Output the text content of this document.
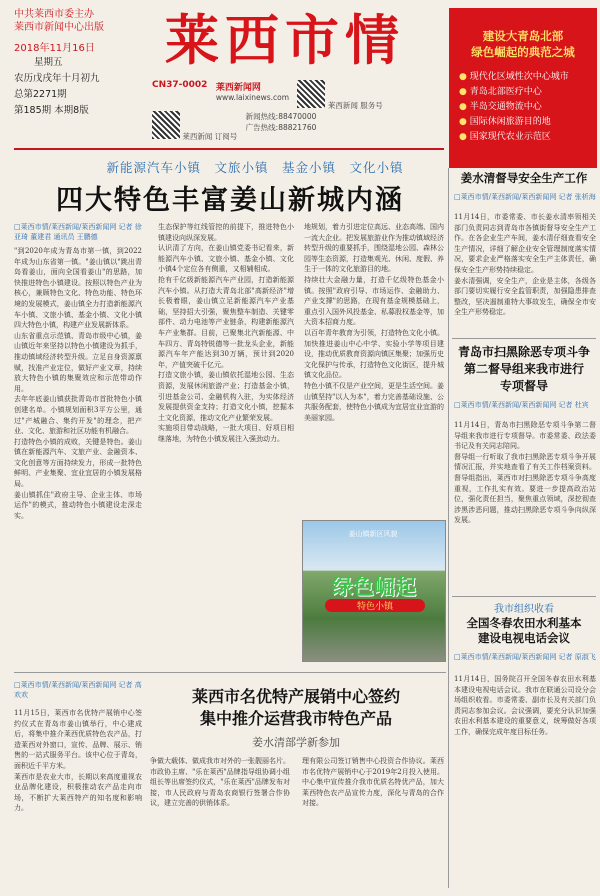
中共莱西市委主办
莱西市新闻中心出版
2018年11月16日
星期五
农历戊戌年十月初九
总第2271期
第185期 本期8版
莱西市情
CN37-0002
莱西新闻网
www.laixinews.com
莱西新闻 服务号  莱西新闻 订阅号
新闻热线:88470000
广告热线:88821760
建设大青岛北部
绿色崛起的典范之城
● 现代化区域性次中心城市
● 青岛北部医疗中心
● 半岛交通物流中心
● 国际休闲旅游目的地
● 国家现代农业示范区
新能源汽车小镇　文旅小镇　基金小镇　文化小镇
四大特色丰富姜山新城内涵
□莱西市情/莱西新闻/莱西新闻网 记者 徐亚琦 董建君 通讯员 王鹏德
"到2020年成为青岛市第一镇，到2022年成为山东省第一镇。"姜山镇以"跳出青岛看姜山，面向全国看姜山"的思路，加快推进特色小镇建设。按照以特色产业为核心，兼顾特色文化、特色功能、特色环境的发展模式，姜山镇全力打造新能源汽车小镇、文旅小镇、基金小镇、文化小镇四大特色小镇，构建产业发展新体系。
山东省重点示范镇、青岛市级中心镇，姜山镇近年来坚持以特色小镇建设为抓手，推动镇域经济转型升级。立足自身资源禀赋，找准产业定位，做好产业文章，持续放大特色小镇的集聚效应和示范带动作用。
去年年底姜山镇获批青岛市首批特色小镇创建名单。小镇规划面积3平方公里，通过"产城融合、集约开发"的理念，把产业、文化、旅游和社区功能有机融合。
打造特色小镇的成败，关键是特色。姜山镇在新能源汽车、文旅产业、金融资本、文化创意等方面持续发力，形成一批特色鲜明、产业集聚、宜业宜居的小镇发展格局。
姜山镇抓住"政府主导、企业主体、市场运作"的模式，推动特色小镇建设走深走实。
生态保护等红线管控的前提下，推进特色小镇建设向纵深发展。
认识清了方向，在姜山镇党委书记看来，新能源汽车小镇、文旅小镇、基金小镇、文化小镇4个定位各有侧重，又相辅相成。
抢有千亿级新能源汽车产业园，打造新能源汽车小镇。从打造大青岛北部"高新经济"增长极着眼，姜山镇立足新能源汽车产业基础，坚持招大引强，聚焦整车制造、关键零部件、动力电池等产业链条，构建新能源汽车产业集群。目前，已聚集北汽新能源、中车四方、青岛特锐德等一批龙头企业，新能源汽车年产能达到30万辆，预计到2020年，产值突破千亿元。
打造文旅小镇，姜山镇依托湿地公园、生态资源，发展休闲旅游产业；打造基金小镇，引进基金公司、金融机构入驻，为实体经济发展提供资金支持；打造文化小镇，挖掘本土文化资源，推动文化产业繁荣发展。
实施项目带动战略，一批大项目、好项目相继落地，为特色小镇发展注入强劲动力。
地规划，着力引进定位高远、业态高端、国内一流大企业。把发展旅游业作为推动镇域经济转型升级的重要抓手，围绕湿地公园、森林公园等生态资源，打造集观光、休闲、度假、养生于一体的文化旅游目的地。
持续壮大金融力量，打造千亿级特色基金小镇。按照"政府引导、市场运作、金融助力、产业支撑"的思路，在现有基金规模基础上，重点引入国外风投基金、私募股权基金等，加大资本招商力度。
以百年青年教育为引领，打造特色文化小镇。加快推进姜山中心中学、实验小学等项目建设，推动优质教育资源向镇区集聚；加强历史文化保护与传承，打造特色文化街区，提升城镇文化品位。
特色小镇不仅是产业空间，更是生活空间。姜山镇坚持"以人为本"，着力完善基础设施、公共服务配套，使特色小镇成为宜居宜业宜游的美丽家园。
姜山镇新区风貌
绿色崛起
特色小镇
□莱西市情/莱西新闻/莱西新闻网 记者 高欢欢
11月15日，莱西市名优特产展销中心签约仪式在青岛市姜山镇举行，中心建成后，将集中推介莱西优质特色农产品，打造莱西对外窗口，宣传、品牌、展示、销售的一站式服务平台。该中心位于青岛，面积近千平方米。
莱西市是农业大市，长期以来高度重视农业品牌化建设，积极推动农产品走向市场，不断扩大莱西特产的知名度和影响力。
莱西市名优特产展销中心签约
集中推介运营我市特色产品
姜水清部学新参加
争做大载体、做成我市对外的一张靓丽名片。
市政协主席、"乐在莱西"品牌指导组协调小组组长等出席签约仪式，"乐在莱西"品牌发布对接，市人民政府与青岛农商银行签署合作协议，建立完善的供销体系。
理有限公司签订销售中心投资合作协议。莱西市名优特产展销中心于2019年2月投入使用。中心集中宣传推介我市优质名特优产品，加大莱西特色农产品宣传力度，深化与青岛的合作对接。
姜水清督导安全生产工作
□莱西市情/莱西新闻/莱西新闻网 记者 张析海
11月14日，市委常委、市长姜水清率领相关部门负责同志到青岛市各镇街督导安全生产工作。在各企业生产车间，姜水清仔细查看安全生产情况，详细了解企业安全管理制度落实情况，要求企业严格落实安全生产主体责任，确保安全生产形势持续稳定。
姜水清强调，安全生产，企业是主体，各级各部门要切实履行安全监管职责，加强隐患排查整改，坚决遏制重特大事故发生，确保全市安全生产形势稳定。
青岛市扫黑除恶专项斗争
第二督导组来我市进行
专项督导
□莱西市情/莱西新闻/莱西新闻网 记者 杜宾
11月14日，青岛市扫黑除恶专项斗争第二督导组来我市进行专项督导。市委常委、政法委书记及有关同志陪同。
督导组一行听取了我市扫黑除恶专项斗争开展情况汇报，并实地查看了有关工作档案资料。督导组指出，莱西市对扫黑除恶专项斗争高度重视，工作扎实有效。要进一步提高政治站位，强化责任担当，聚焦重点领域，深挖彻查涉黑涉恶问题，推动扫黑除恶专项斗争向纵深发展。
我市组织收看
全国冬春农田水利基本
建设电视电话会议
□莱西市情/莱西新闻/莱西新闻网 记者 原淑飞
11月14日，国务院召开全国冬春农田水利基本建设电视电话会议。我市在联通公司设分会场组织收看。市委常委、副市长及有关部门负责同志参加会议。会议强调，要充分认识加强农田水利基本建设的重要意义，统筹做好各项工作，确保完成年度目标任务。
